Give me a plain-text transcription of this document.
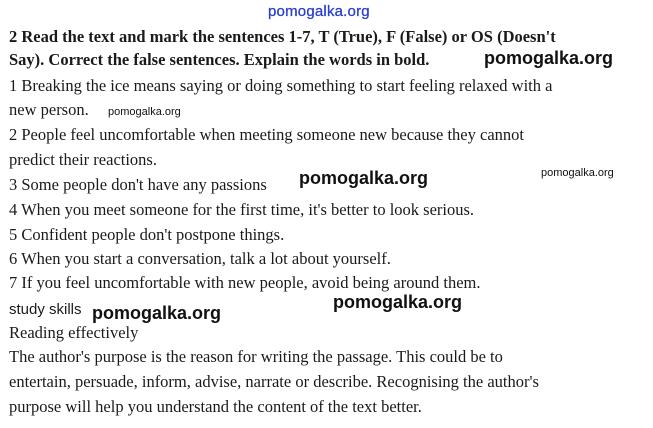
pomogalka.org
2 Read the text and mark the sentences 1-7, T (True), F (False) or OS (Doesn't
Say). Correct the false sentences. Explain the words in bold.
1 Breaking the ice means saying or doing something to start feeling relaxed with a
new person.
2 People feel uncomfortable when meeting someone new because they cannot
predict their reactions.
3 Some people don't have any passions
4 When you meet someone for the first time, it's better to look serious.
5 Confident people don't postpone things.
6 When you start a conversation, talk a lot about yourself.
7 If you feel uncomfortable with new people, avoid being around them.
study skills
Reading effectively
The author's purpose is the reason for writing the passage. This could be to
entertain, persuade, inform, advise, narrate or describe. Recognising the author's
purpose will help you understand the content of the text better.
pomogalka.org
pomogalka.org
pomogalka.org	pomogalka.org
pomogalka.org
pomogalka.org
